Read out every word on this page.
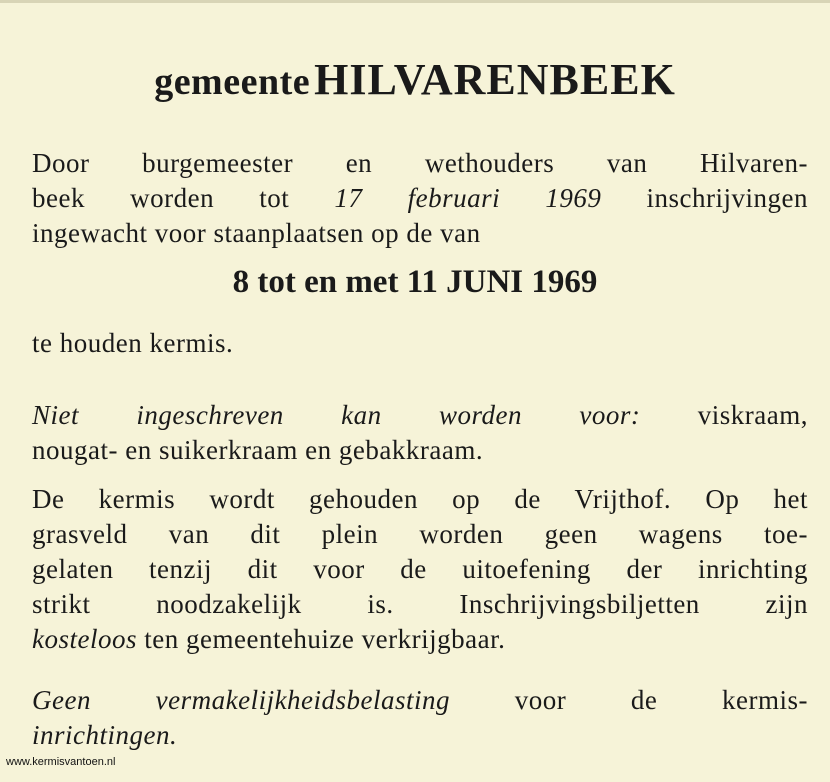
gemeente HILVARENBEEK
Door burgemeester en wethouders van Hilvaren-
beek worden tot 17 februari 1969 inschrijvingen
ingewacht voor staanplaatsen op de van
8 tot en met 11 JUNI 1969
te houden kermis.
Niet ingeschreven kan worden voor: viskraam,
nougat- en suikerkraam en gebakkraam.
De kermis wordt gehouden op de Vrijthof. Op het
grasveld van dit plein worden geen wagens toe-
gelaten tenzij dit voor de uitoefening der inrichting
strikt noodzakelijk is. Inschrijvingsbiljetten zijn
kosteloos ten gemeentehuize verkrijgbaar.
Geen vermakelijkheidsbelasting voor de kermis-
inrichtingen.
www.kermisvantoen.nl
